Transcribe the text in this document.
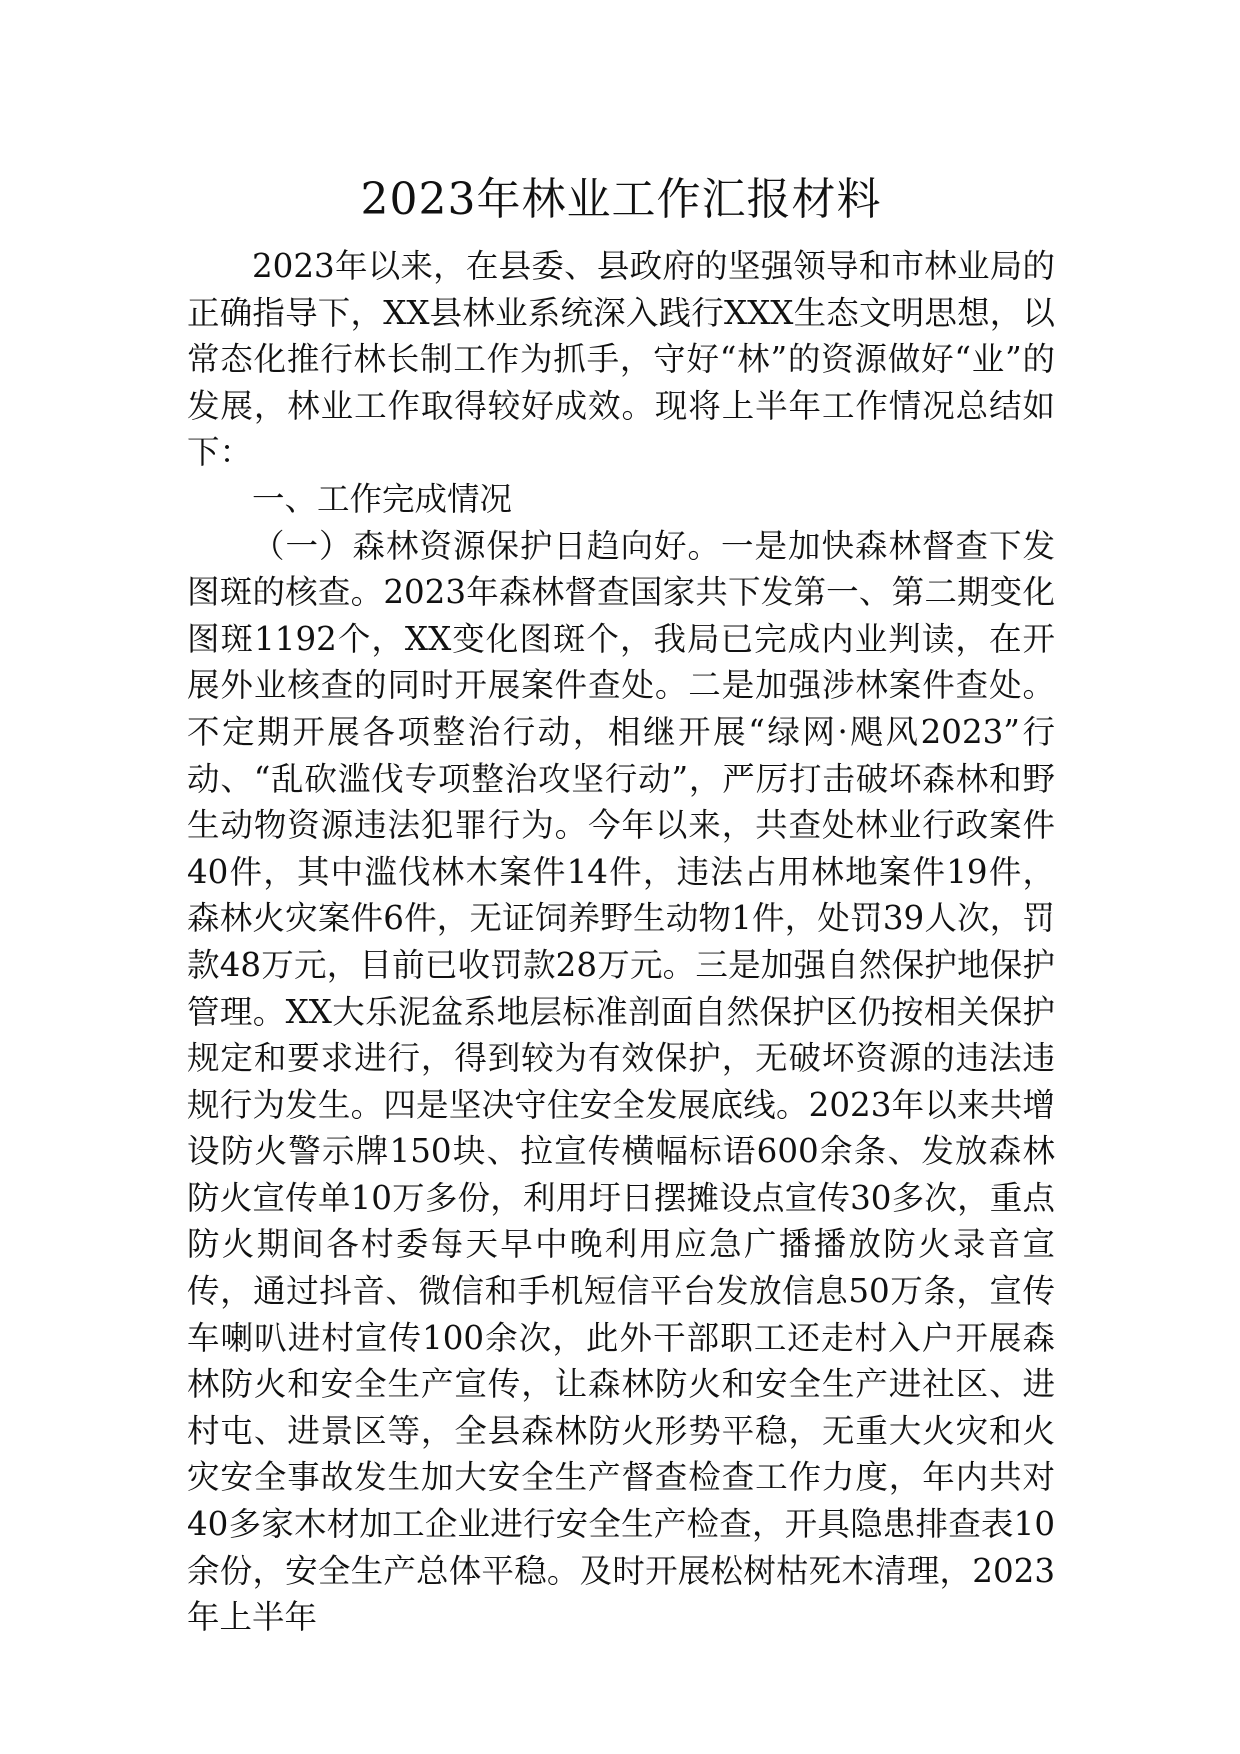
2023年林业工作汇报材料

2023年以来，在县委、县政府的坚强领导和市林业局的正确指导下，XX县林业系统深入践行XXX生态文明思想，以常态化推行林长制工作为抓手，守好“林”的资源做好“业”的发展，林业工作取得较好成效。现将上半年工作情况总结如下：

一、工作完成情况

（一）森林资源保护日趋向好。一是加快森林督查下发图斑的核查。2023年森林督查国家共下发第一、第二期变化图斑1192个，XX变化图斑个，我局已完成内业判读，在开展外业核查的同时开展案件查处。二是加强涉林案件查处。不定期开展各项整治行动，相继开展“绿网·飓风2023”行动、“乱砍滥伐专项整治攻坚行动”，严厉打击破坏森林和野生动物资源违法犯罪行为。今年以来，共查处林业行政案件40件，其中滥伐林木案件14件，违法占用林地案件19件，森林火灾案件6件，无证饲养野生动物1件，处罚39人次，罚款48万元，目前已收罚款28万元。三是加强自然保护地保护管理。XX大乐泥盆系地层标准剖面自然保护区仍按相关保护规定和要求进行，得到较为有效保护，无破坏资源的违法违规行为发生。四是坚决守住安全发展底线。2023年以来共增设防火警示牌150块、拉宣传横幅标语600余条、发放森林防火宣传单10万多份，利用圩日摆摊设点宣传30多次，重点防火期间各村委每天早中晚利用应急广播播放防火录音宣传，通过抖音、微信和手机短信平台发放信息50万条，宣传车喇叭进村宣传100余次，此外干部职工还走村入户开展森林防火和安全生产宣传，让森林防火和安全生产进社区、进村屯、进景区等，全县森林防火形势平稳，无重大火灾和火灾安全事故发生加大安全生产督查检查工作力度，年内共对40多家木材加工企业进行安全生产检查，开具隐患排查表10余份，安全生产总体平稳。及时开展松树枯死木清理，2023年上半年
